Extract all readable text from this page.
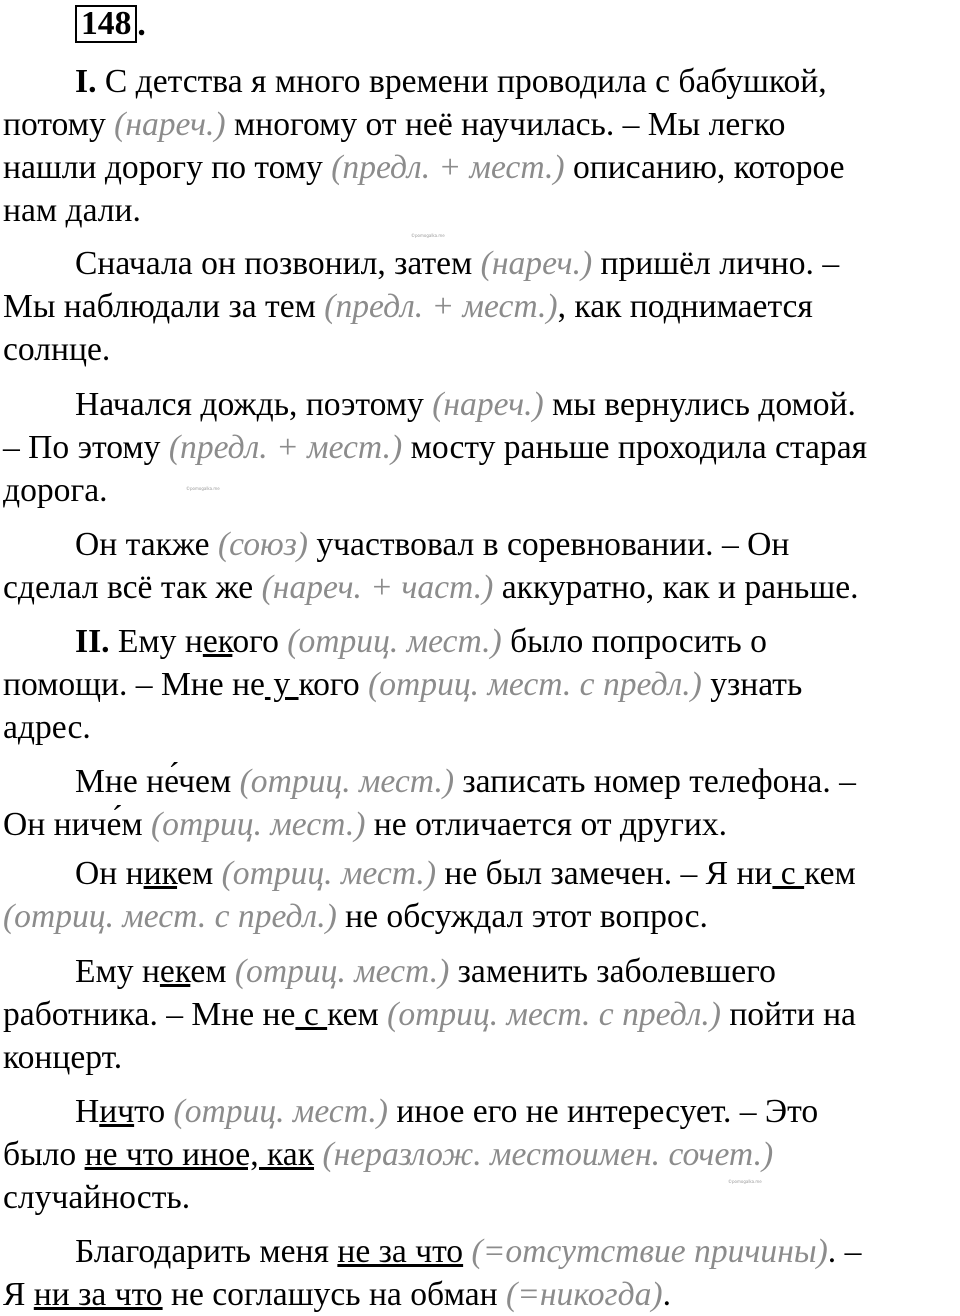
148 .

I. С детства я много времени проводила с бабушкой,
потому (нареч.) многому от неё научилась. – Мы легко
нашли дорогу по тому (предл. + мест.) описанию, которое
нам дали.

Сначала он позвонил, затем (нареч.) пришёл лично. –
Мы наблюдали за тем (предл. + мест.), как поднимается
солнце.

Начался дождь, поэтому (нареч.) мы вернулись домой.
– По этому (предл. + мест.) мосту раньше проходила старая
дорога.

Он также (союз) участвовал в соревновании. – Он
сделал всё так же (нареч. + част.) аккуратно, как и раньше.

II. Ему некого (отриц. мест.) было попросить о
помощи. – Мне не у кого (отриц. мест. с предл.) узнать
адрес.

Мне не́чем (отриц. мест.) записать номер телефона. –
Он ниче́м (отриц. мест.) не отличается от других.

Он никем (отриц. мест.) не был замечен. – Я ни с кем
(отриц. мест. с предл.) не обсуждал этот вопрос.

Ему некем (отриц. мест.) заменить заболевшего
работника. – Мне не с кем (отриц. мест. с предл.) пойти на
концерт.

Ничто (отриц. мест.) иное его не интересует. – Это
было не что иное, как (неразлож. местоимен. сочет.)
случайность.

Благодарить меня не за что (=отсутствие причины). –
Я ни за что не соглашусь на обман (=никогда).

©pomogalka.me
©pomogalka.me
©pomogalka.me
